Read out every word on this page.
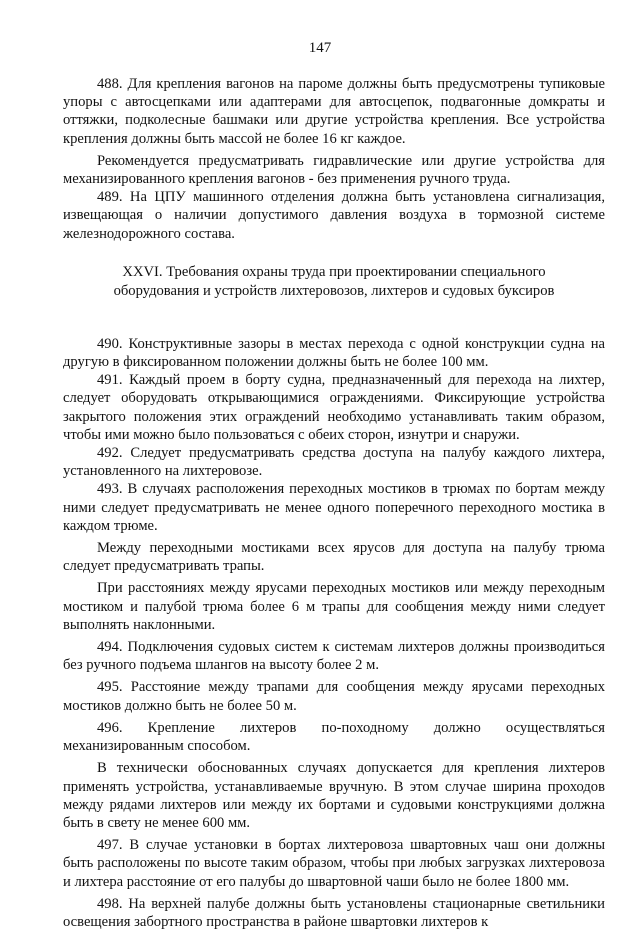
147

488. Для крепления вагонов на пароме должны быть предусмотрены тупиковые упоры с автосцепками или адаптерами для автосцепок, подвагонные домкраты и оттяжки, подколесные башмаки или другие устройства крепления. Все устройства крепления должны быть массой не более 16 кг каждое.

Рекомендуется предусматривать гидравлические или другие устройства для механизированного крепления вагонов - без применения ручного труда.

489. На ЦПУ машинного отделения должна быть установлена сигнализация, извещающая о наличии допустимого давления воздуха в тормозной системе железнодорожного состава.

XXVI. Требования охраны труда при проектировании специального оборудования и устройств лихтеровозов, лихтеров и судовых буксиров

490. Конструктивные зазоры в местах перехода с одной конструкции судна на другую в фиксированном положении должны быть не более 100 мм.

491. Каждый проем в борту судна, предназначенный для перехода на лихтер, следует оборудовать открывающимися ограждениями. Фиксирующие устройства закрытого положения этих ограждений необходимо устанавливать таким образом, чтобы ими можно было пользоваться с обеих сторон, изнутри и снаружи.

492. Следует предусматривать средства доступа на палубу каждого лихтера, установленного на лихтеровозе.

493. В случаях расположения переходных мостиков в трюмах по бортам между ними следует предусматривать не менее одного поперечного переходного мостика в каждом трюме.

Между переходными мостиками всех ярусов для доступа на палубу трюма следует предусматривать трапы.

При расстояниях между ярусами переходных мостиков или между переходным мостиком и палубой трюма более 6 м трапы для сообщения между ними следует выполнять наклонными.

494. Подключения судовых систем к системам лихтеров должны производиться без ручного подъема шлангов на высоту более 2 м.

495. Расстояние между трапами для сообщения между ярусами переходных мостиков должно быть не более 50 м.

496. Крепление лихтеров по-походному должно осуществляться механизированным способом.

В технически обоснованных случаях допускается для крепления лихтеров применять устройства, устанавливаемые вручную. В этом случае ширина проходов между рядами лихтеров или между их бортами и судовыми конструкциями должна быть в свету не менее 600 мм.

497. В случае установки в бортах лихтеровоза швартовных чаш они должны быть расположены по высоте таким образом, чтобы при любых загрузках лихтеровоза и лихтера расстояние от его палубы до швартовной чаши было не более 1800 мм.

498. На верхней палубе должны быть установлены стационарные светильники освещения забортного пространства в районе швартовки лихтеров к
